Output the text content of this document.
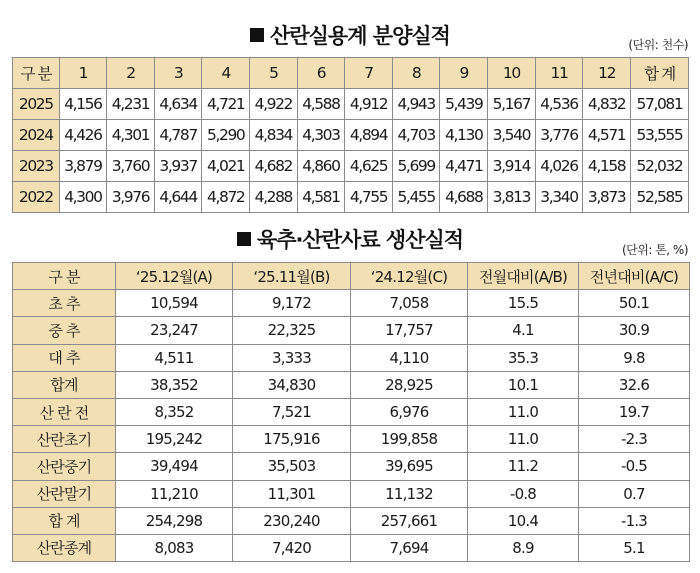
산란실용계 분양실적	(단위: 천수)
구 분	1	2	3	4	5	6	7	8	9	10	11	12	합 계
2025	4,156	4,231	4,634	4,721	4,922	4,588	4,912	4,943	5,439	5,167	4,536	4,832	57,081
2024	4,426	4,301	4,787	5,290	4,834	4,303	4,894	4,703	4,130	3,540	3,776	4,571	53,555
2023	3,879	3,760	3,937	4,021	4,682	4,860	4,625	5,699	4,471	3,914	4,026	4,158	52,032
2022	4,300	3,976	4,644	4,872	4,288	4,581	4,755	5,455	4,688	3,813	3,340	3,873	52,585
육추·산란사료 생산실적	(단위: 톤, %)
구 분	‘25.12월(A)	‘25.11월(B)	‘24.12월(C)	전월대비(A/B)	전년대비(A/C)
초 추	10,594	9,172	7,058	15.5	50.1
중 추	23,247	22,325	17,757	4.1	30.9
대 추	4,511	3,333	4,110	35.3	9.8
합계	38,352	34,830	28,925	10.1	32.6
산 란 전	8,352	7,521	6,976	11.0	19.7
산란초기	195,242	175,916	199,858	11.0	-2.3
산란중기	39,494	35,503	39,695	11.2	-0.5
산란말기	11,210	11,301	11,132	-0.8	0.7
합 계	254,298	230,240	257,661	10.4	-1.3
산란종계	8,083	7,420	7,694	8.9	5.1
